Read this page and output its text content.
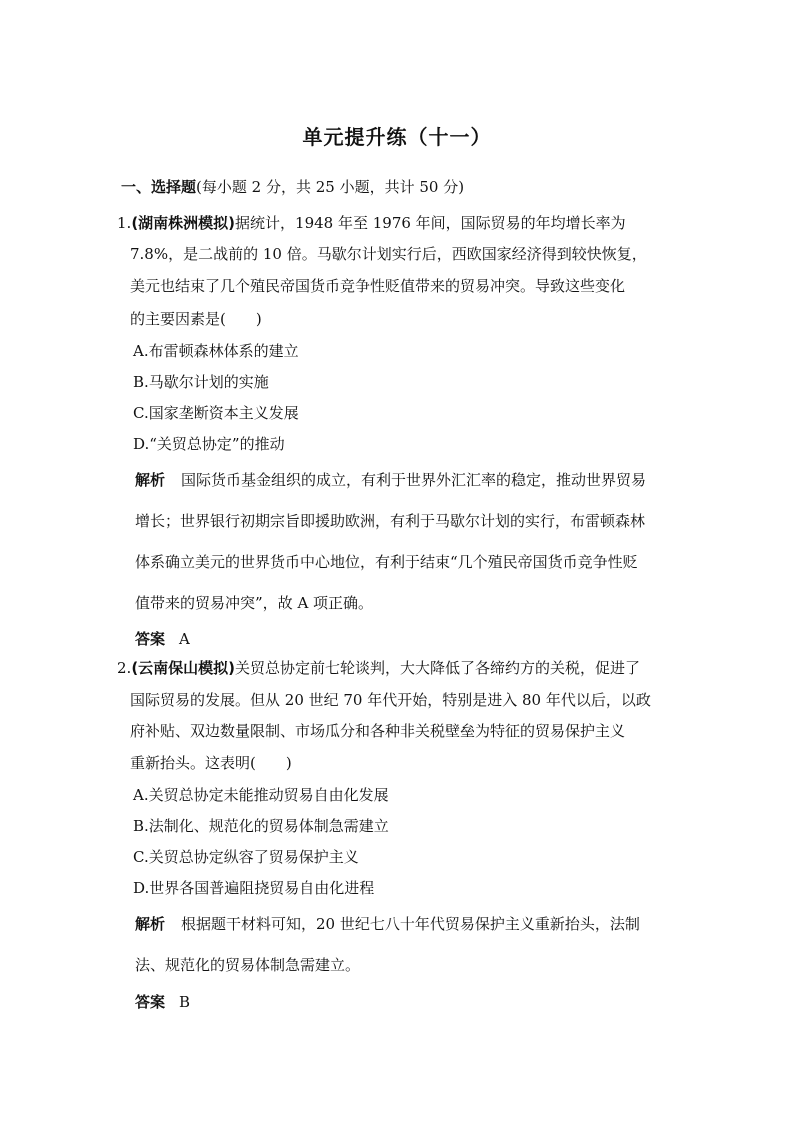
单元提升练（十一）
一、选择题(每小题 2 分，共 25 小题，共计 50 分)
1.(湖南株洲模拟)据统计，1948 年至 1976 年间，国际贸易的年均增长率为
7.8%，是二战前的 10 倍。马歇尔计划实行后，西欧国家经济得到较快恢复，
美元也结束了几个殖民帝国货币竞争性贬值带来的贸易冲突。导致这些变化
的主要因素是(　　)
A.布雷顿森林体系的建立
B.马歇尔计划的实施
C.国家垄断资本主义发展
D.“关贸总协定”的推动
解析 国际货币基金组织的成立，有利于世界外汇汇率的稳定，推动世界贸易
增长；世界银行初期宗旨即援助欧洲，有利于马歇尔计划的实行，布雷顿森林
体系确立美元的世界货币中心地位，有利于结束“几个殖民帝国货币竞争性贬
值带来的贸易冲突”，故 A 项正确。
答案 A
2.(云南保山模拟)关贸总协定前七轮谈判，大大降低了各缔约方的关税，促进了
国际贸易的发展。但从 20 世纪 70 年代开始，特别是进入 80 年代以后，以政
府补贴、双边数量限制、市场瓜分和各种非关税壁垒为特征的贸易保护主义
重新抬头。这表明(　　)
A.关贸总协定未能推动贸易自由化发展
B.法制化、规范化的贸易体制急需建立
C.关贸总协定纵容了贸易保护主义
D.世界各国普遍阻挠贸易自由化进程
解析 根据题干材料可知，20 世纪七八十年代贸易保护主义重新抬头，法制
法、规范化的贸易体制急需建立。
答案 B
